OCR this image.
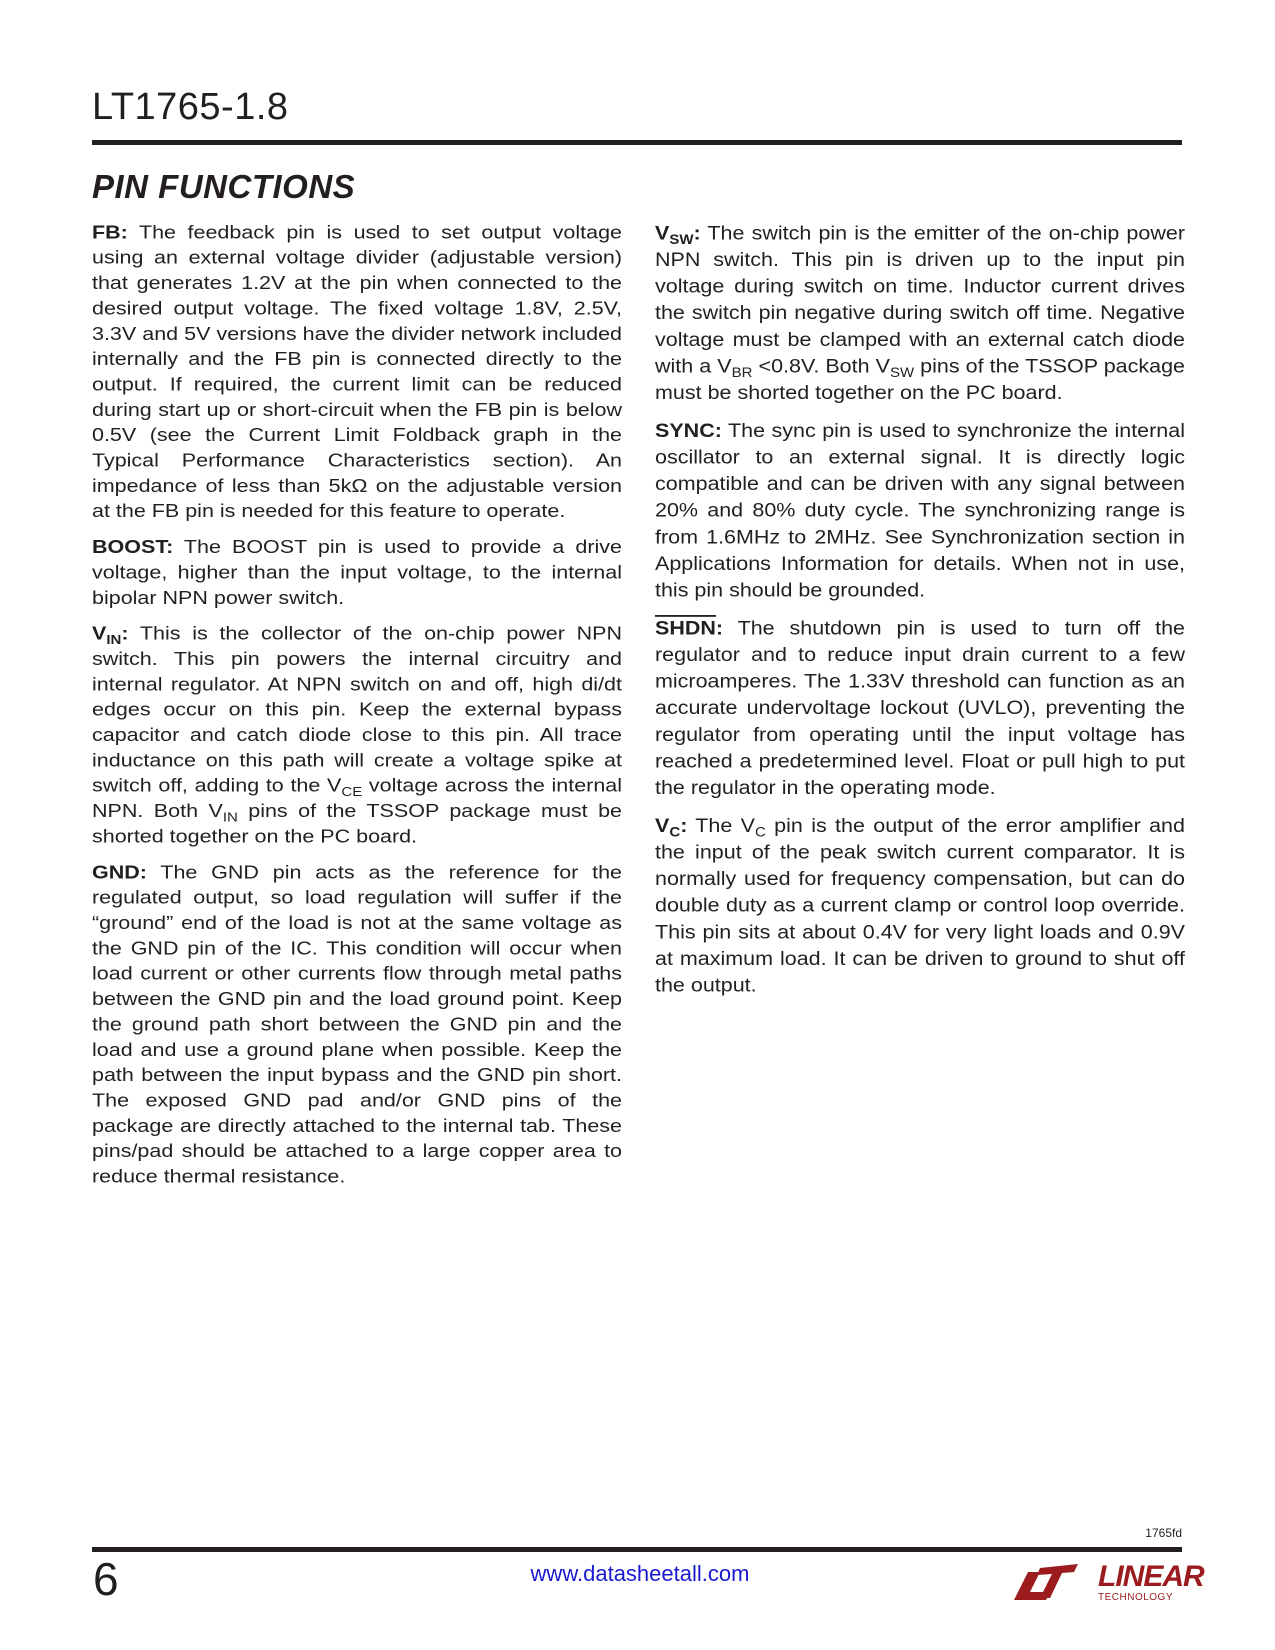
LT1765-1.8
PIN FUNCTIONS

FB: The feedback pin is used to set output voltage using an external voltage divider (adjustable version) that generates 1.2V at the pin when connected to the desired output voltage. The fixed voltage 1.8V, 2.5V, 3.3V and 5V versions have the divider network included internally and the FB pin is connected directly to the output. If required, the current limit can be reduced during start up or short-circuit when the FB pin is below 0.5V (see the Current Limit Foldback graph in the Typical Performance Characteristics section). An impedance of less than 5kΩ on the adjustable version at the FB pin is needed for this feature to operate.

BOOST: The BOOST pin is used to provide a drive voltage, higher than the input voltage, to the internal bipolar NPN power switch.

$V_{IN}$: This is the collector of the on-chip power NPN switch. This pin powers the internal circuitry and internal regulator. At NPN switch on and off, high di/dt edges occur on this pin. Keep the external bypass capacitor and catch diode close to this pin. All trace inductance on this path will create a voltage spike at switch off, adding to the $V_{CE}$ voltage across the internal NPN. Both $V_{IN}$ pins of the TSSOP package must be shorted together on the PC board.

GND: The GND pin acts as the reference for the regulated output, so load regulation will suffer if the “ground” end of the load is not at the same voltage as the GND pin of the IC. This condition will occur when load current or other currents flow through metal paths between the GND pin and the load ground point. Keep the ground path short between the GND pin and the load and use a ground plane when possible. Keep the path between the input bypass and the GND pin short. The exposed GND pad and/or GND pins of the package are directly attached to the internal tab. These pins/pad should be attached to a large copper area to reduce thermal resistance.

$V_{SW}$: The switch pin is the emitter of the on-chip power NPN switch. This pin is driven up to the input pin voltage during switch on time. Inductor current drives the switch pin negative during switch off time. Negative voltage must be clamped with an external catch diode with a $V_{BR} <0.8V$. Both $V_{SW}$ pins of the TSSOP package must be shorted together on the PC board.

SYNC: The sync pin is used to synchronize the internal oscillator to an external signal. It is directly logic compatible and can be driven with any signal between 20% and 80% duty cycle. The synchronizing range is from 1.6MHz to 2MHz. See Synchronization section in Applications Information for details. When not in use, this pin should be grounded.

SHDN: The shutdown pin is used to turn off the regulator and to reduce input drain current to a few microamperes. The 1.33V threshold can function as an accurate undervoltage lockout (UVLO), preventing the regulator from operating until the input voltage has reached a predetermined level. Float or pull high to put the regulator in the operating mode.

$V_C$: The $V_C$ pin is the output of the error amplifier and the input of the peak switch current comparator. It is normally used for frequency compensation, but can do double duty as a current clamp or control loop override. This pin sits at about 0.4V for very light loads and 0.9V at maximum load. It can be driven to ground to shut off the output.

1765fd
6	www.datasheetall.com	LINEAR
TECHNOLOGY
